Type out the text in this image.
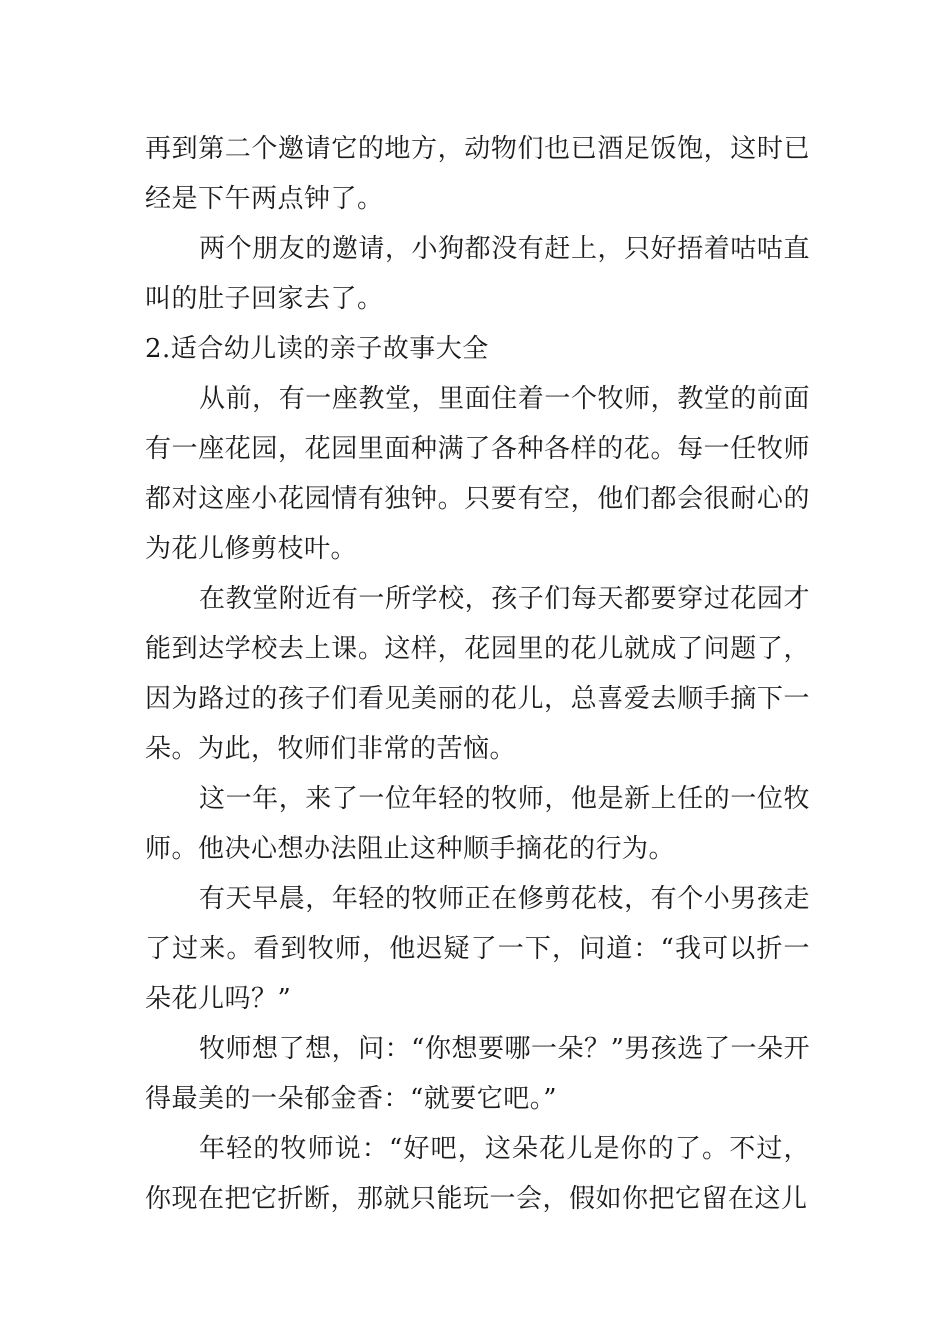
再到第二个邀请它的地方，动物们也已酒足饭饱，这时已经是下午两点钟了。

两个朋友的邀请，小狗都没有赶上，只好捂着咕咕直叫的肚子回家去了。

2.适合幼儿读的亲子故事大全

从前，有一座教堂，里面住着一个牧师，教堂的前面有一座花园，花园里面种满了各种各样的花。每一任牧师都对这座小花园情有独钟。只要有空，他们都会很耐心的为花儿修剪枝叶。

在教堂附近有一所学校，孩子们每天都要穿过花园才能到达学校去上课。这样，花园里的花儿就成了问题了，因为路过的孩子们看见美丽的花儿，总喜爱去顺手摘下一朵。为此，牧师们非常的苦恼。

这一年，来了一位年轻的牧师，他是新上任的一位牧师。他决心想办法阻止这种顺手摘花的行为。

有天早晨，年轻的牧师正在修剪花枝，有个小男孩走了过来。看到牧师，他迟疑了一下，问道：“我可以折一朵花儿吗？”

牧师想了想，问：“你想要哪一朵？”男孩选了一朵开得最美的一朵郁金香：“就要它吧。”

年轻的牧师说：“好吧，这朵花儿是你的了。不过，你现在把它折断，那就只能玩一会，假如你把它留在这儿
